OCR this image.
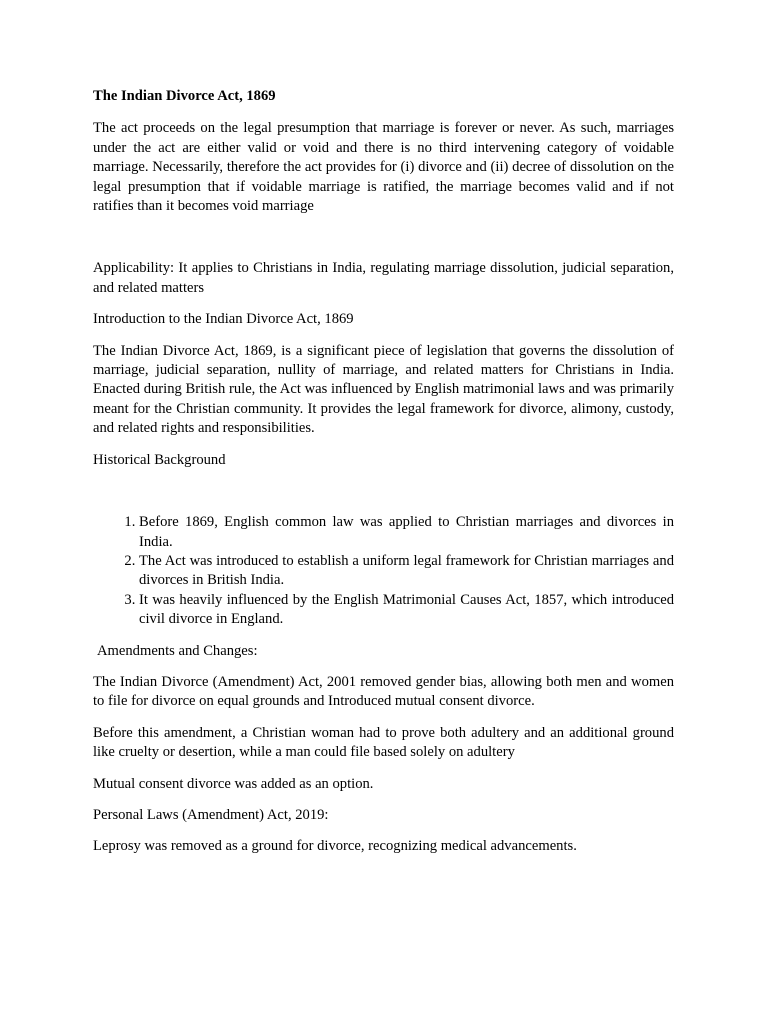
The Indian Divorce Act, 1869

The act proceeds on the legal presumption that marriage is forever or never. As such, marriages under the act are either valid or void and there is no third intervening category of voidable marriage. Necessarily, therefore the act provides for (i) divorce and (ii) decree of dissolution on the legal presumption that if voidable marriage is ratified, the marriage becomes valid and if not ratifies than it becomes void marriage

Applicability: It applies to Christians in India, regulating marriage dissolution, judicial separation, and related matters

Introduction to the Indian Divorce Act, 1869

The Indian Divorce Act, 1869, is a significant piece of legislation that governs the dissolution of marriage, judicial separation, nullity of marriage, and related matters for Christians in India. Enacted during British rule, the Act was influenced by English matrimonial laws and was primarily meant for the Christian community. It provides the legal framework for divorce, alimony, custody, and related rights and responsibilities.

Historical Background

1. Before 1869, English common law was applied to Christian marriages and divorces in India.
2. The Act was introduced to establish a uniform legal framework for Christian marriages and divorces in British India.
3. It was heavily influenced by the English Matrimonial Causes Act, 1857, which introduced civil divorce in England.

Amendments and Changes:

The Indian Divorce (Amendment) Act, 2001 removed gender bias, allowing both men and women to file for divorce on equal grounds and Introduced mutual consent divorce.

Before this amendment, a Christian woman had to prove both adultery and an additional ground like cruelty or desertion, while a man could file based solely on adultery

Mutual consent divorce was added as an option.

Personal Laws (Amendment) Act, 2019:

Leprosy was removed as a ground for divorce, recognizing medical advancements.
